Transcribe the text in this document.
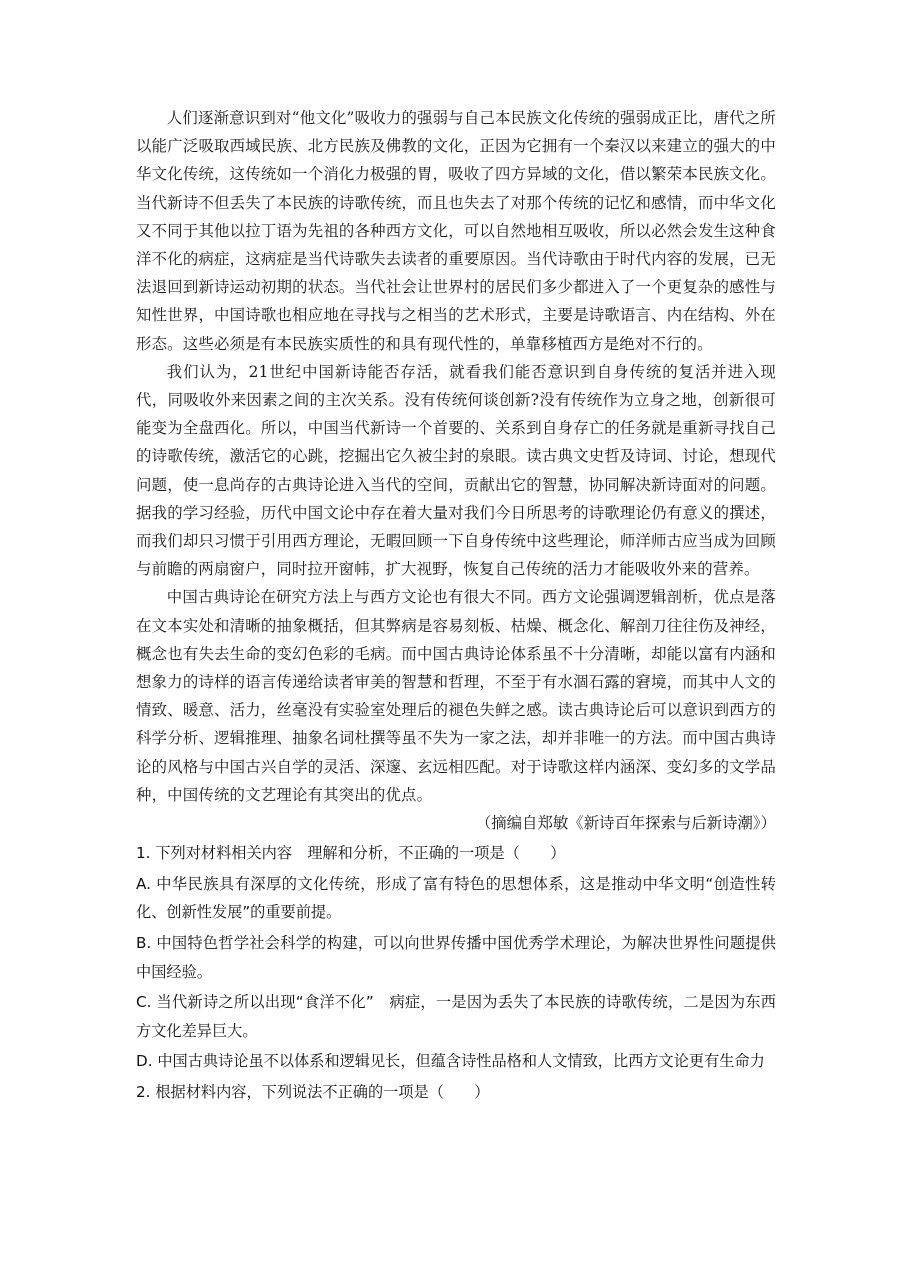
人们逐渐意识到对“他文化”吸收力的强弱与自己本民族文化传统的强弱成正比，唐代之所以能广泛吸取西域民族、北方民族及佛教的文化，正因为它拥有一个秦汉以来建立的强大的中华文化传统，这传统如一个消化力极强的胃，吸收了四方异域的文化，借以繁荣本民族文化。当代新诗不但丢失了本民族的诗歌传统，而且也失去了对那个传统的记忆和感情，而中华文化又不同于其他以拉丁语为先祖的各种西方文化，可以自然地相互吸收，所以必然会发生这种食洋不化的病症，这病症是当代诗歌失去读者的重要原因。当代诗歌由于时代内容的发展，已无法退回到新诗运动初期的状态。当代社会让世界村的居民们多少都进入了一个更复杂的感性与知性世界，中国诗歌也相应地在寻找与之相当的艺术形式，主要是诗歌语言、内在结构、外在形态。这些必须是有本民族实质性的和具有现代性的，单靠移植西方是绝对不行的。

我们认为，21世纪中国新诗能否存活，就看我们能否意识到自身传统的复活并进入现代，同吸收外来因素之间的主次关系。没有传统何谈创新?没有传统作为立身之地，创新很可能变为全盘西化。所以，中国当代新诗一个首要的、关系到自身存亡的任务就是重新寻找自己的诗歌传统，激活它的心跳，挖掘出它久被尘封的泉眼。读古典文史哲及诗词、讨论，想现代问题，使一息尚存的古典诗论进入当代的空间，贡献出它的智慧，协同解决新诗面对的问题。据我的学习经验，历代中国文论中存在着大量对我们今日所思考的诗歌理论仍有意义的撰述，而我们却只习惯于引用西方理论，无暇回顾一下自身传统中这些理论，师洋师古应当成为回顾与前瞻的两扇窗户，同时拉开窗帏，扩大视野，恢复自己传统的活力才能吸收外来的营养。

中国古典诗论在研究方法上与西方文论也有很大不同。西方文论强调逻辑剖析，优点是落在文本实处和清晰的抽象概括，但其弊病是容易刻板、枯燥、概念化、解剖刀往往伤及神经，概念也有失去生命的变幻色彩的毛病。而中国古典诗论体系虽不十分清晰，却能以富有内涵和想象力的诗样的语言传递给读者审美的智慧和哲理，不至于有水涸石露的窘境，而其中人文的情致、暖意、活力，丝毫没有实验室处理后的褪色失鲜之感。读古典诗论后可以意识到西方的科学分析、逻辑推理、抽象名词杜撰等虽不失为一家之法，却并非唯一的方法。而中国古典诗论的风格与中国古兴自学的灵活、深邃、玄远相匹配。对于诗歌这样内涵深、变幻多的文学品种，中国传统的文艺理论有其突出的优点。

（摘编自郑敏《新诗百年探索与后新诗潮》）

1. 下列对材料相关内容　理解和分析，不正确的一项是（　　）

A. 中华民族具有深厚的文化传统，形成了富有特色的思想体系，这是推动中华文明“创造性转化、创新性发展”的重要前提。

B. 中国特色哲学社会科学的构建，可以向世界传播中国优秀学术理论，为解决世界性问题提供中国经验。

C. 当代新诗之所以出现“食洋不化”　病症，一是因为丢失了本民族的诗歌传统，二是因为东西方文化差异巨大。

D. 中国古典诗论虽不以体系和逻辑见长，但蕴含诗性品格和人文情致，比西方文论更有生命力

2. 根据材料内容，下列说法不正确的一项是（　　）
